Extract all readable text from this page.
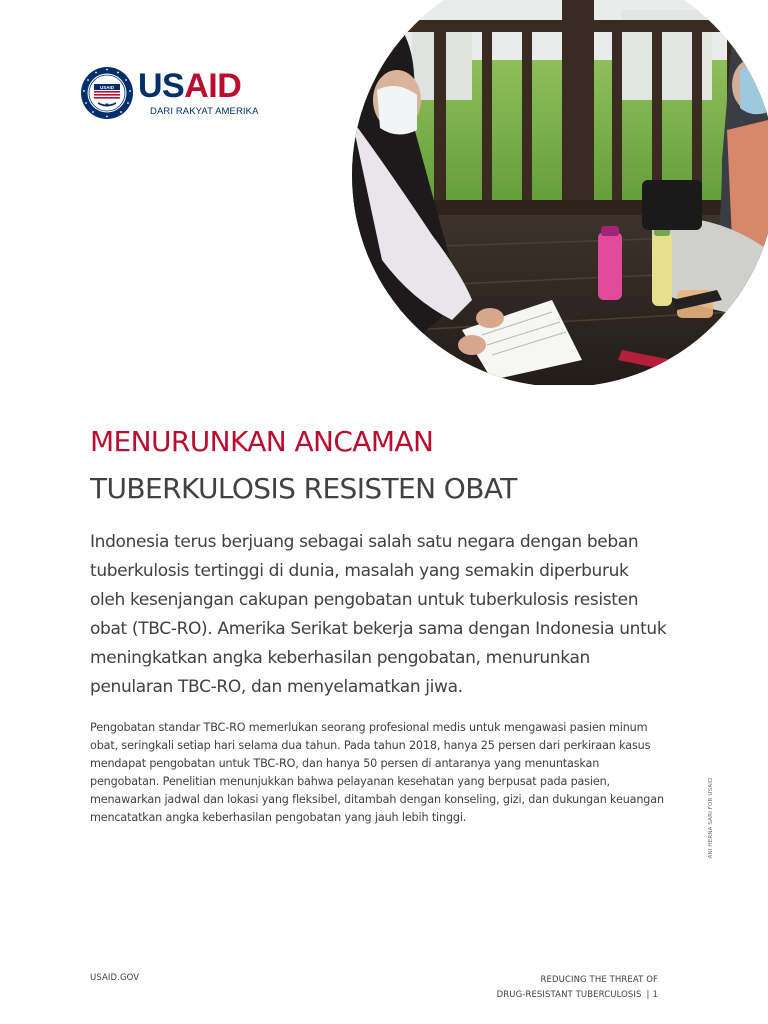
USAID USAID
DARI RAKYAT AMERIKA
MENURUNKAN ANCAMAN
TUBERKULOSIS RESISTEN OBAT

Indonesia terus berjuang sebagai salah satu negara dengan beban tuberkulosis tertinggi di dunia, masalah yang semakin diperburuk oleh kesenjangan cakupan pengobatan untuk tuberkulosis resisten obat (TBC-RO). Amerika Serikat bekerja sama dengan Indonesia untuk meningkatkan angka keberhasilan pengobatan, menurunkan penularan TBC-RO, dan menyelamatkan jiwa.

Pengobatan standar TBC-RO memerlukan seorang profesional medis untuk mengawasi pasien minum obat, seringkali setiap hari selama dua tahun. Pada tahun 2018, hanya 25 persen dari perkiraan kasus mendapat pengobatan untuk TBC-RO, dan hanya 50 persen di antaranya yang menuntaskan pengobatan. Penelitian menunjukkan bahwa pelayanan kesehatan yang berpusat pada pasien, menawarkan jadwal dan lokasi yang fleksibel, ditambah dengan konseling, gizi, dan dukungan keuangan mencatatkan angka keberhasilan pengobatan yang jauh lebih tinggi.	ANI HERNA SARI FOR USAID
USAID.GOV	REDUCING THE THREAT OF
DRUG-RESISTANT TUBERCULOSIS | 1
